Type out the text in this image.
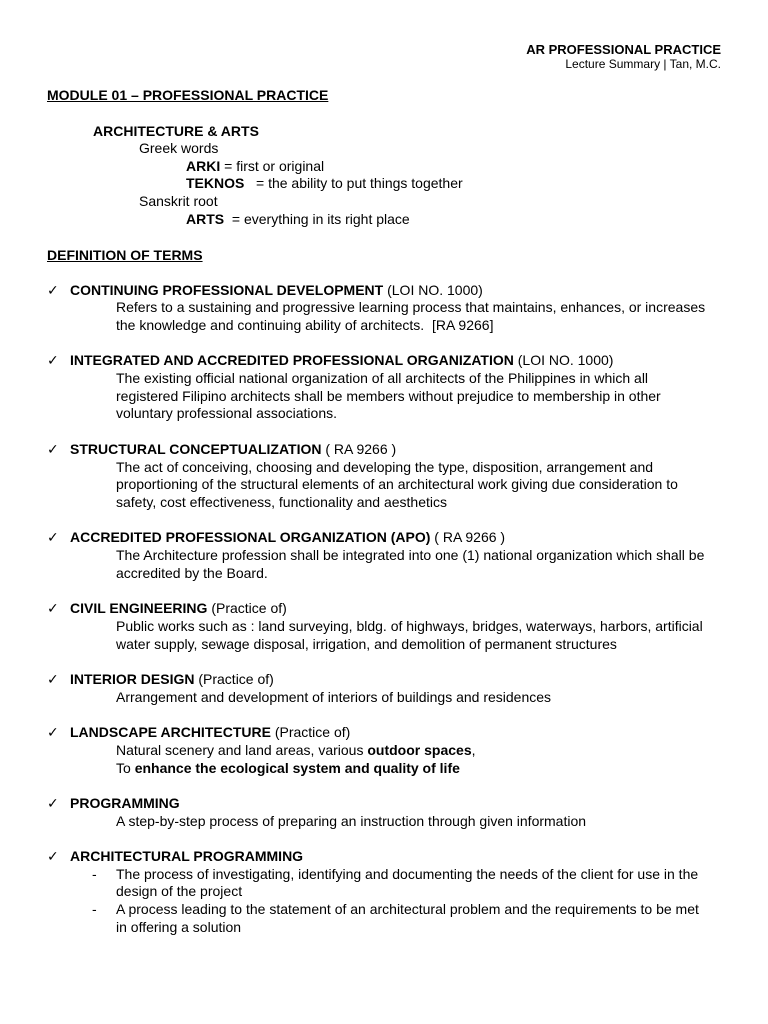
AR PROFESSIONAL PRACTICE
Lecture Summary | Tan, M.C.
MODULE 01 – PROFESSIONAL PRACTICE
ARCHITECTURE & ARTS
Greek words
ARKI = first or original
TEKNOS   = the ability to put things together
Sanskrit root
ARTS  = everything in its right place
DEFINITION OF TERMS
✓ CONTINUING PROFESSIONAL DEVELOPMENT (LOI NO. 1000)
Refers to a sustaining and progressive learning process that maintains, enhances, or increases
the knowledge and continuing ability of architects.  [RA 9266]
✓ INTEGRATED AND ACCREDITED PROFESSIONAL ORGANIZATION (LOI NO. 1000)
The existing official national organization of all architects of the Philippines in which all
registered Filipino architects shall be members without prejudice to membership in other
voluntary professional associations.
✓ STRUCTURAL CONCEPTUALIZATION ( RA 9266 )
The act of conceiving, choosing and developing the type, disposition, arrangement and
proportioning of the structural elements of an architectural work giving due consideration to
safety, cost effectiveness, functionality and aesthetics
✓ ACCREDITED PROFESSIONAL ORGANIZATION (APO) ( RA 9266 )
The Architecture profession shall be integrated into one (1) national organization which shall be
accredited by the Board.
✓ CIVIL ENGINEERING (Practice of)
Public works such as : land surveying, bldg. of highways, bridges, waterways, harbors, artificial
water supply, sewage disposal, irrigation, and demolition of permanent structures
✓ INTERIOR DESIGN (Practice of)
Arrangement and development of interiors of buildings and residences
✓ LANDSCAPE ARCHITECTURE (Practice of)
Natural scenery and land areas, various outdoor spaces,
To enhance the ecological system and quality of life
✓ PROGRAMMING
A step-by-step process of preparing an instruction through given information
✓ ARCHITECTURAL PROGRAMMING
- The process of investigating, identifying and documenting the needs of the client for use in the
design of the project
- A process leading to the statement of an architectural problem and the requirements to be met
in offering a solution
